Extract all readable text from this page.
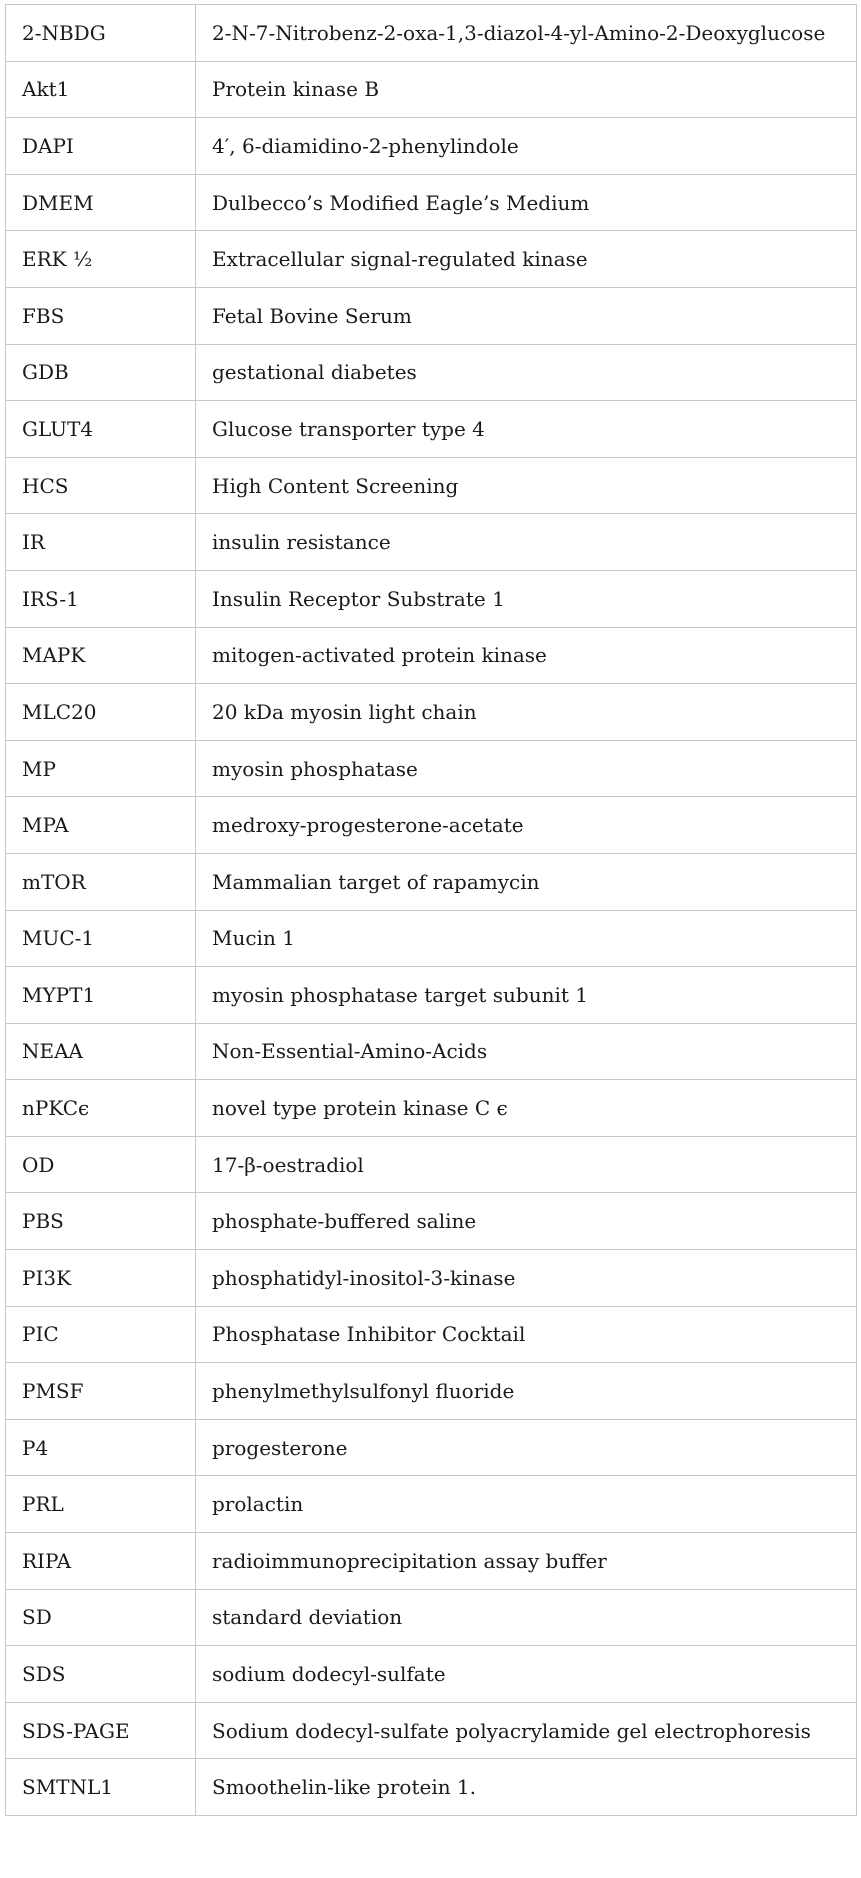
2-NBDG	2-N-7-Nitrobenz-2-oxa-1,3-diazol-4-yl-Amino-2-Deoxyglucose
Akt1	Protein kinase B
DAPI	4′, 6-diamidino-2-phenylindole
DMEM	Dulbecco’s Modified Eagle’s Medium
ERK ½	Extracellular signal-regulated kinase
FBS	Fetal Bovine Serum
GDB	gestational diabetes
GLUT4	Glucose transporter type 4
HCS	High Content Screening
IR	insulin resistance
IRS-1	Insulin Receptor Substrate 1
MAPK	mitogen-activated protein kinase
MLC20	20 kDa myosin light chain
MP	myosin phosphatase
MPA	medroxy-progesterone-acetate
mTOR	Mammalian target of rapamycin
MUC-1	Mucin 1
MYPT1	myosin phosphatase target subunit 1
NEAA	Non-Essential-Amino-Acids
nPKCϵ	novel type protein kinase C ϵ
OD	17-β-oestradiol
PBS	phosphate-buffered saline
PI3K	phosphatidyl-inositol-3-kinase
PIC	Phosphatase Inhibitor Cocktail
PMSF	phenylmethylsulfonyl fluoride
P4	progesterone
PRL	prolactin
RIPA	radioimmunoprecipitation assay buffer
SD	standard deviation
SDS	sodium dodecyl-sulfate
SDS-PAGE	Sodium dodecyl-sulfate polyacrylamide gel electrophoresis
SMTNL1	Smoothelin-like protein 1.
